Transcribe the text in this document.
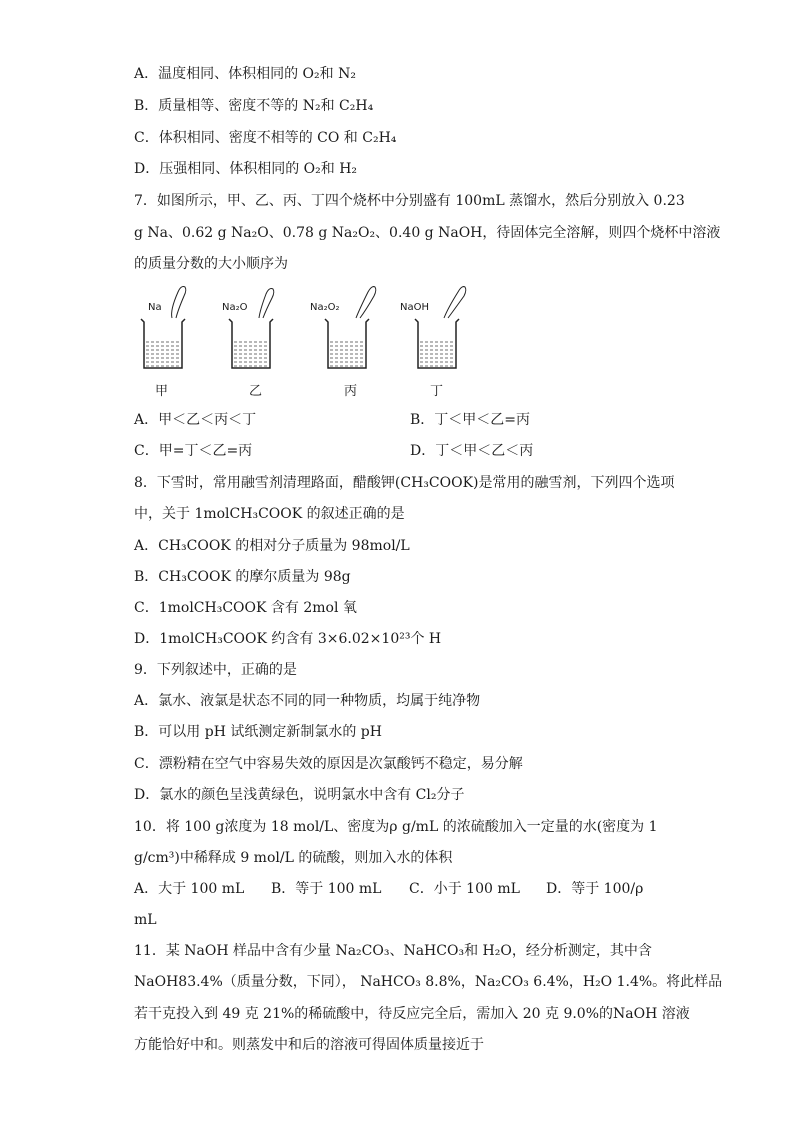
A．温度相同、体积相同的 O₂和 N₂
B．质量相等、密度不等的 N₂和 C₂H₄
C．体积相同、密度不相等的 CO 和 C₂H₄
D．压强相同、体积相同的 O₂和 H₂
7．如图所示，甲、乙、丙、丁四个烧杯中分别盛有 100mL 蒸馏水，然后分别放入 0.23
g Na、0.62 g Na₂O、0.78 g Na₂O₂、0.40 g NaOH，待固体完全溶解，则四个烧杯中溶液
的质量分数的大小顺序为
Na
甲
Na₂O
乙
Na₂O₂
丙
NaOH
丁
A．甲＜乙＜丙＜丁	B．丁＜甲＜乙=丙
C．甲=丁＜乙=丙	D．丁＜甲＜乙＜丙
8．下雪时，常用融雪剂清理路面，醋酸钾(CH₃COOK)是常用的融雪剂，下列四个选项
中，关于 1molCH₃COOK 的叙述正确的是
A．CH₃COOK 的相对分子质量为 98mol/L
B．CH₃COOK 的摩尔质量为 98g
C．1molCH₃COOK 含有 2mol 氧
D．1molCH₃COOK 约含有 3×6.02×10²³个 H
9．下列叙述中，正确的是
A．氯水、液氯是状态不同的同一种物质，均属于纯净物
B．可以用 pH 试纸测定新制氯水的 pH
C．漂粉精在空气中容易失效的原因是次氯酸钙不稳定，易分解
D．氯水的颜色呈浅黄绿色，说明氯水中含有 Cl₂分子
10．将 100 g浓度为 18 mol/L、密度为ρ g/mL 的浓硫酸加入一定量的水(密度为 1
g/cm³)中稀释成 9 mol/L 的硫酸，则加入水的体积
A．大于 100 mL B．等于 100 mL C．小于 100 mL D．等于 100/ρ
mL
11．某 NaOH 样品中含有少量 Na₂CO₃、NaHCO₃和 H₂O，经分析测定，其中含
NaOH83.4%（质量分数，下同）， NaHCO₃ 8.8%，Na₂CO₃ 6.4%，H₂O 1.4%。将此样品
若干克投入到 49 克 21%的稀硫酸中，待反应完全后，需加入 20 克 9.0%的NaOH 溶液
方能恰好中和。则蒸发中和后的溶液可得固体质量接近于
